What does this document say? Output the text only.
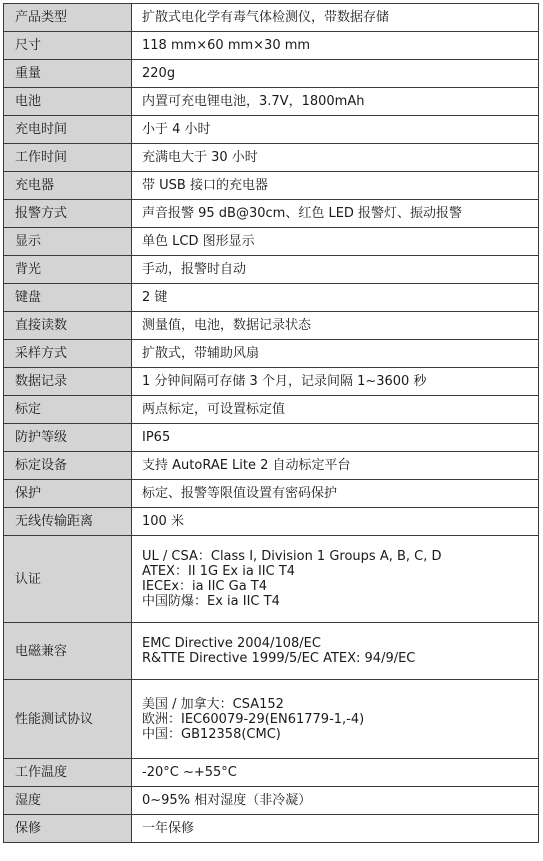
产品类型	扩散式电化学有毒气体检测仪，带数据存储

尺寸	118 mm×60 mm×30 mm

重量	220g

电池	内置可充电锂电池，3.7V，1800mAh

充电时间	小于 4 小时

工作时间	充满电大于 30 小时

充电器	带 USB 接口的充电器

报警方式	声音报警 95 dB@30cm、红色 LED 报警灯、振动报警

显示	单色 LCD 图形显示

背光	手动，报警时自动

键盘	2 键

直接读数	测量值，电池，数据记录状态

采样方式	扩散式，带辅助风扇

数据记录	1 分钟间隔可存储 3 个月，记录间隔 1~3600 秒

标定	两点标定，可设置标定值

防护等级	IP65

标定设备	支持 AutoRAE Lite 2 自动标定平台

保护	标定、报警等限值设置有密码保护

无线传输距离	100 米

认证	UL / CSA：Class I, Division 1 Groups A, B, C, D
ATEX：II 1G Ex ia IIC T4
IECEx：ia IIC Ga T4
中国防爆：Ex ia IIC T4

电磁兼容	EMC Directive 2004/108/EC
R&TTE Directive 1999/5/EC ATEX: 94/9/EC

性能测试协议	美国 / 加拿大：CSA152
欧洲：IEC60079-29(EN61779-1,-4)
中国：GB12358(CMC)

工作温度	-20°C ~+55°C

湿度	0~95% 相对湿度（非冷凝）

保修	一年保修
